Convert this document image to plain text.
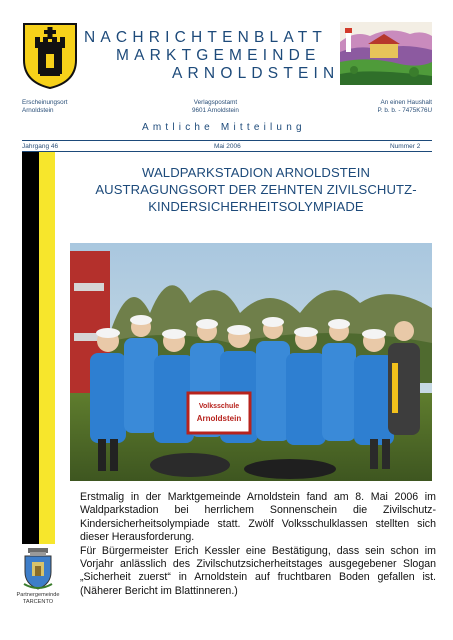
NACHRICHTENBLATT
MARKTGEMEINDE
ARNOLDSTEIN
Erscheinungsort
Arnoldstein
Verlagspostamt
9601 Arnoldstein
An einen Haushalt
P. b. b. - 7475K76U
Amtliche Mitteilung
Jahrgang 46	Mai 2006	Nummer 2
WALDPARKSTADION ARNOLDSTEIN
AUSTRAGUNGSORT DER ZEHNTEN ZIVILSCHUTZ-
KINDERSICHERHEITSOLYMPIADE
Volksschule
Arnoldstein

Erstmalig in der Marktgemeinde Arnoldstein fand am 8. Mai 2006 im Waldparkstadion bei herrlichem Sonnenschein die Zivilschutz-Kindersicherheitsolympiade statt. Zwölf Volksschulklassen stellten sich dieser Herausforderung.

Für Bürgermeister Erich Kessler eine Bestätigung, dass sein schon im Vorjahr anlässlich des Zivilschutzsicherheitstages ausgegebener Slogan „Sicherheit zuerst“ in Arnoldstein auf fruchtbaren Boden gefallen ist. (Näherer Bericht im Blattinneren.)

Partnergemeinde
TARCENTO
